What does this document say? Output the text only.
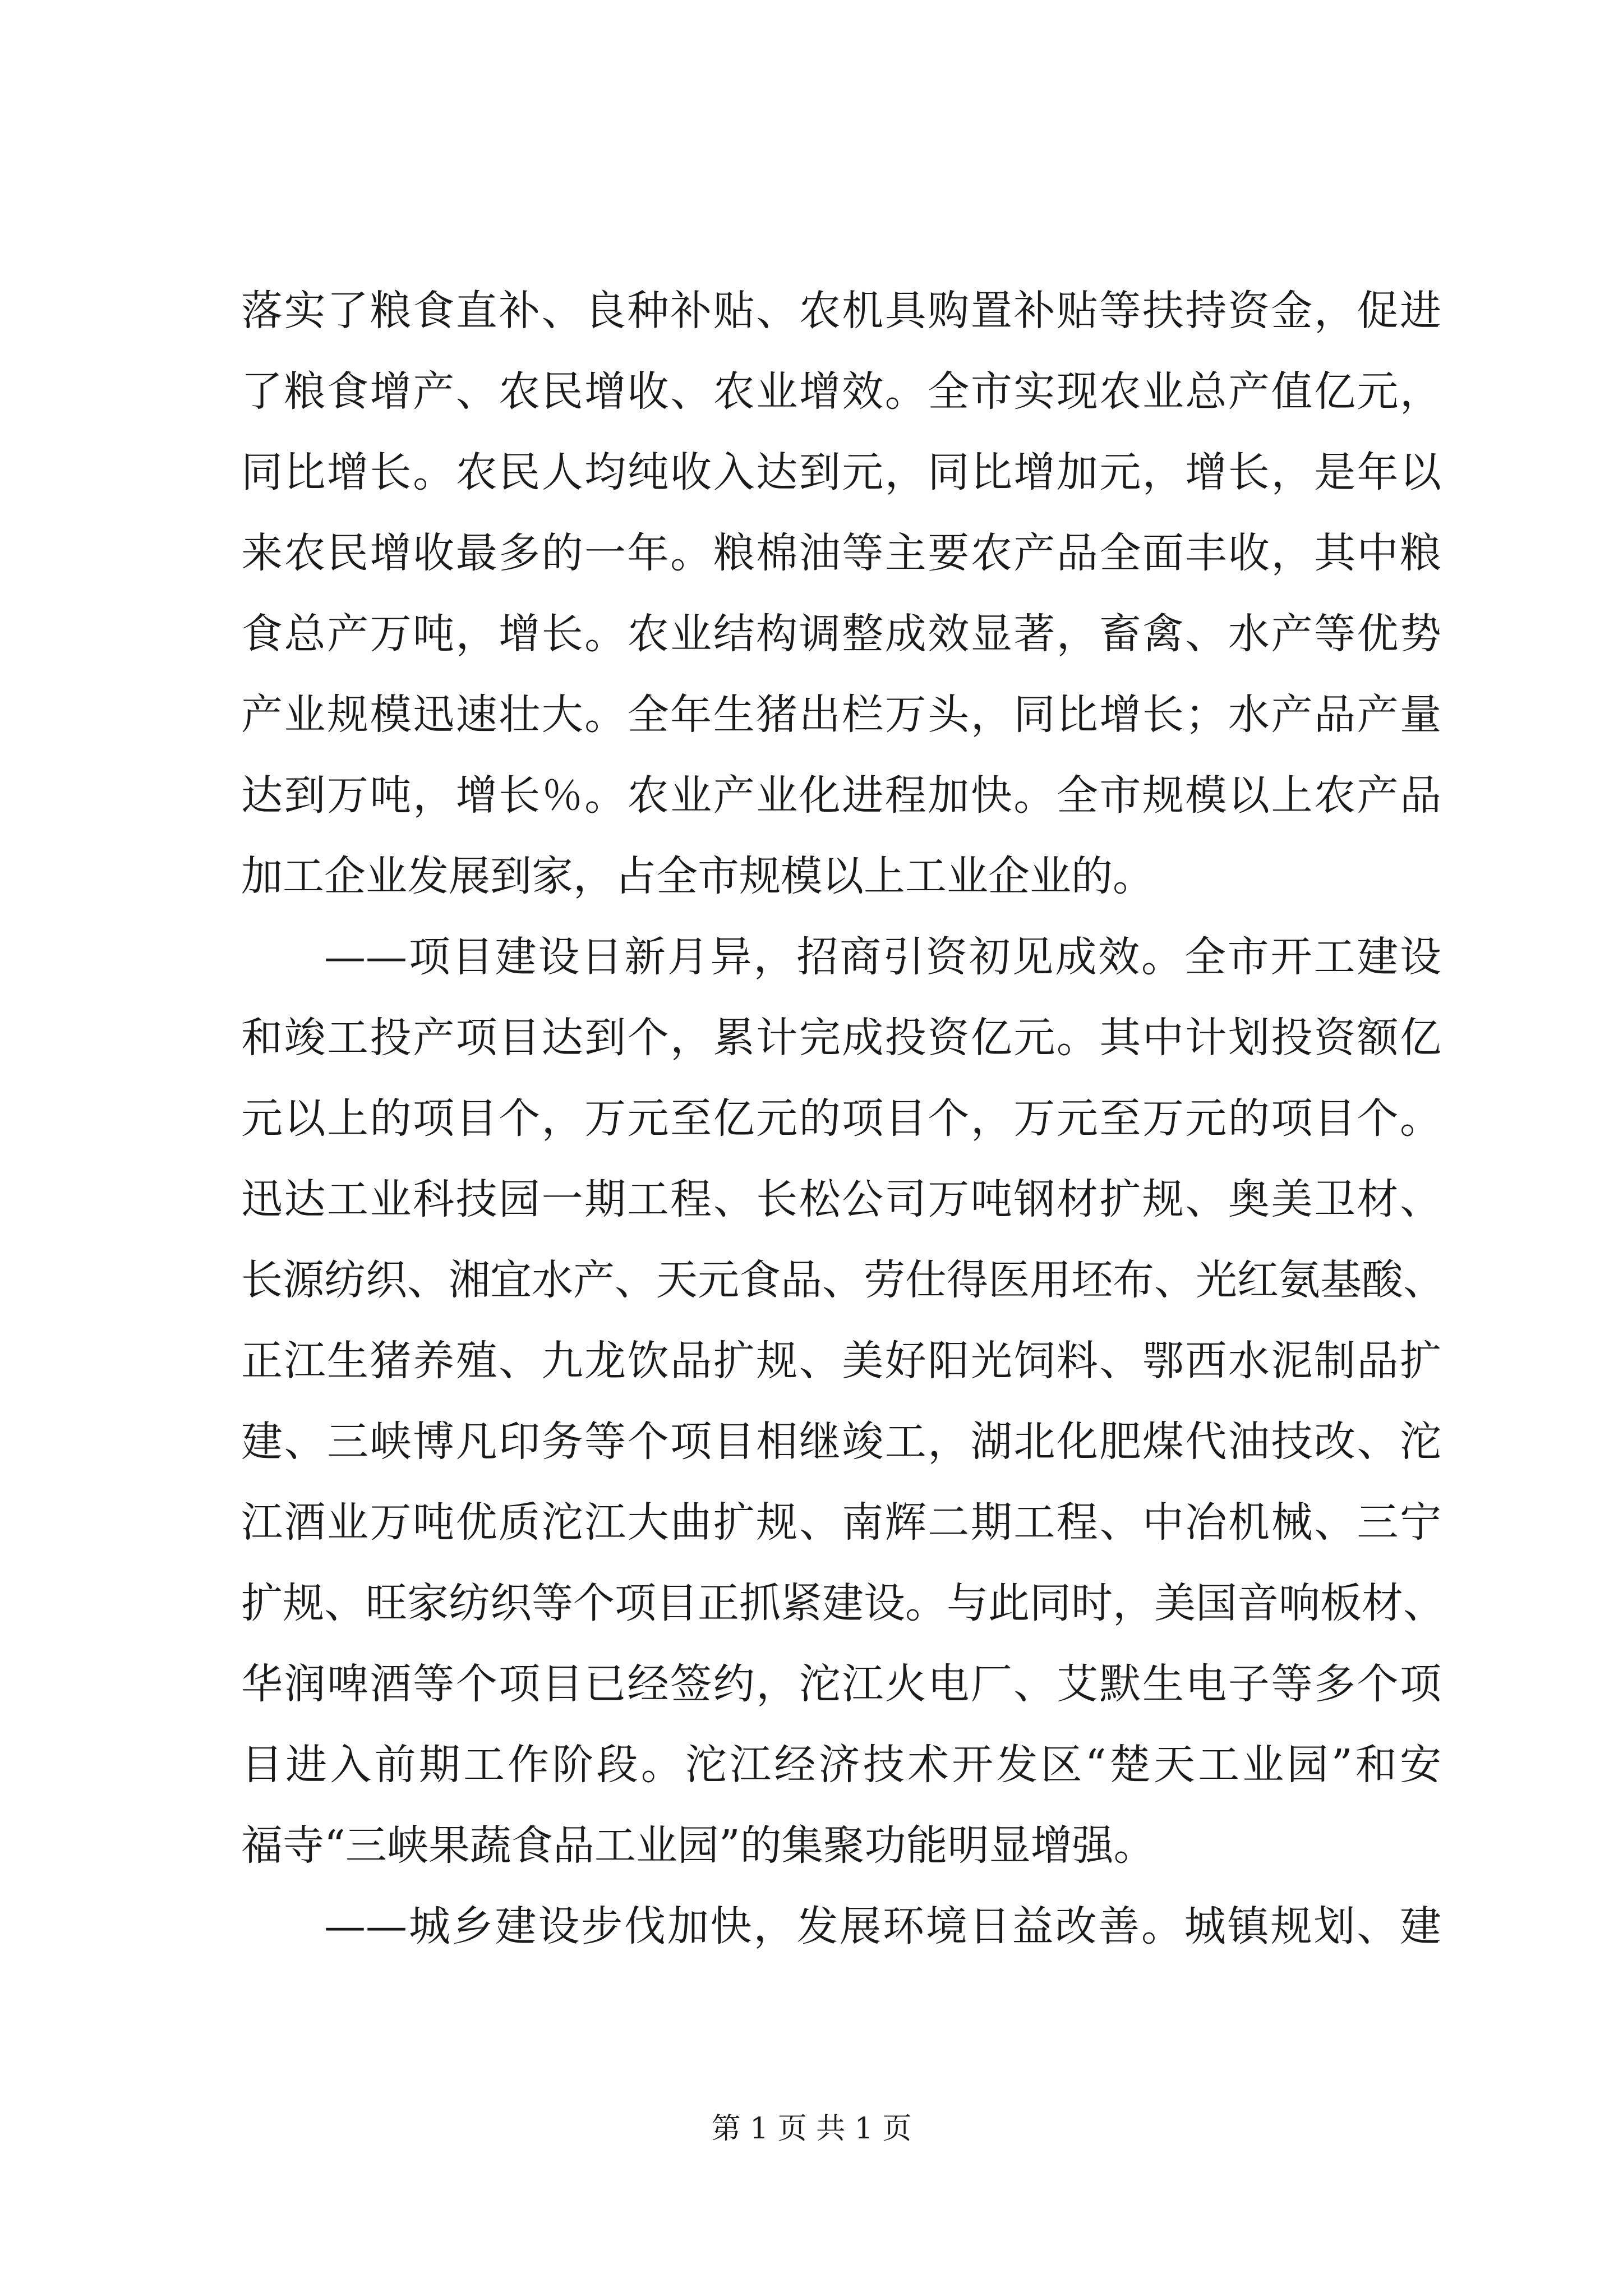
落实了粮食直补、良种补贴、农机具购置补贴等扶持资金，促进
了粮食增产、农民增收、农业增效。全市实现农业总产值亿元，
同比增长。农民人均纯收入达到元，同比增加元，增长，是年以
来农民增收最多的一年。粮棉油等主要农产品全面丰收，其中粮
食总产万吨，增长。农业结构调整成效显著，畜禽、水产等优势
产业规模迅速壮大。全年生猪出栏万头，同比增长；水产品产量
达到万吨，增长％。农业产业化进程加快。全市规模以上农产品
加工企业发展到家，占全市规模以上工业企业的。
——项目建设日新月异，招商引资初见成效。全市开工建设
和竣工投产项目达到个，累计完成投资亿元。其中计划投资额亿
元以上的项目个，万元至亿元的项目个，万元至万元的项目个。
迅达工业科技园一期工程、长松公司万吨钢材扩规、奥美卫材、
长源纺织、湘宜水产、天元食品、劳仕得医用坯布、光红氨基酸、
正江生猪养殖、九龙饮品扩规、美好阳光饲料、鄂西水泥制品扩
建、三峡博凡印务等个项目相继竣工，湖北化肥煤代油技改、沱
江酒业万吨优质沱江大曲扩规、南辉二期工程、中冶机械、三宁
扩规、旺家纺织等个项目正抓紧建设。与此同时，美国音响板材、
华润啤酒等个项目已经签约，沱江火电厂、艾默生电子等多个项
目进入前期工作阶段。沱江经济技术开发区“楚天工业园”和安
福寺“三峡果蔬食品工业园”的集聚功能明显增强。
——城乡建设步伐加快，发展环境日益改善。城镇规划、建
第 1 页 共 1 页
